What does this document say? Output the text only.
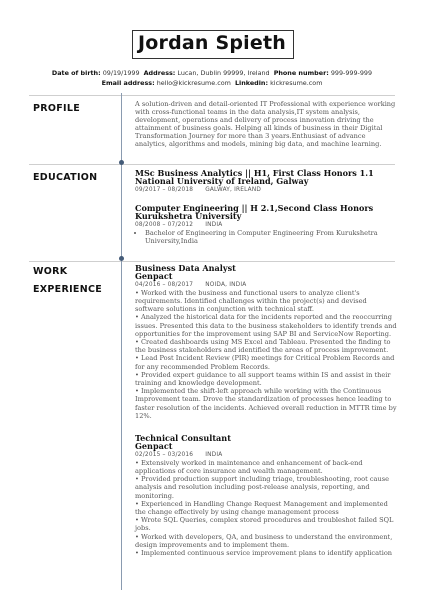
Jordan Spieth
Date of birth: 09/19/1999 Address: Lucan, Dublin 99999, Ireland Phone number: 999-999-999
Email address: hello@kickresume.com Linkedin: kickresume.com
PROFILE
EDUCATION
WORK
EXPERIENCE
A solution-driven and detail-oriented IT Professional with experience working with cross-functional teams in the data analysis,IT system analysis, development, operations and delivery of process innovation driving the attainment of business goals. Helping all kinds of business in their Digital Transformation Journey for more than 3 years.Enthusiast of advance analytics, algorithms and models, mining big data, and machine learning.
MSc Business Analytics || H1, First Class Honors 1.1
National University of Ireland, Galway
09/2017 – 08/2018 GALWAY, IRELAND
Computer Engineering || H 2.1,Second Class Honors
Kurukshetra University
08/2008 – 07/2012 INDIA
• Bachelor of Engineering in Computer Engineering From Kurukshetra University,India
Business Data Analyst
Genpact
04/2016 – 08/2017 NOIDA, INDIA
• Worked with the business and functional users to analyze client's requirements. Identified challenges within the project(s) and devised software solutions in conjunction with technical staff.
• Analyzed the historical data for the incidents reported and the reoccurring issues. Presented this data to the business stakeholders to identify trends and opportunities for the improvement using SAP BI and ServiceNow Reporting.
• Created dashboards using MS Excel and Tableau. Presented the finding to the business stakeholders and identified the areas of process improvement.
• Lead Post Incident Review (PIR) meetings for Critical Problem Records and for any recommended Problem Records.
• Provided expert guidance to all support teams within IS and assist in their training and knowledge development.
• Implemented the shift-left approach while working with the Continuous Improvement team. Drove the standardization of processes hence leading to faster resolution of the incidents. Achieved overall reduction in MTTR time by 12%.
Technical Consultant
Genpact
02/2015 – 03/2016 INDIA
• Extensively worked in maintenance and enhancement of back-end applications of core insurance and wealth management.
• Provided production support including triage, troubleshooting, root cause analysis and resolution including post-release analysis, reporting, and monitoring.
• Experienced in Handling Change Request Management and implemented the change effectively by using change management process
• Wrote SQL Queries, complex stored procedures and troubleshot failed SQL jobs.
• Worked with developers, QA, and business to understand the environment, design improvements and to implement them.
• Implemented continuous service improvement plans to identify application
